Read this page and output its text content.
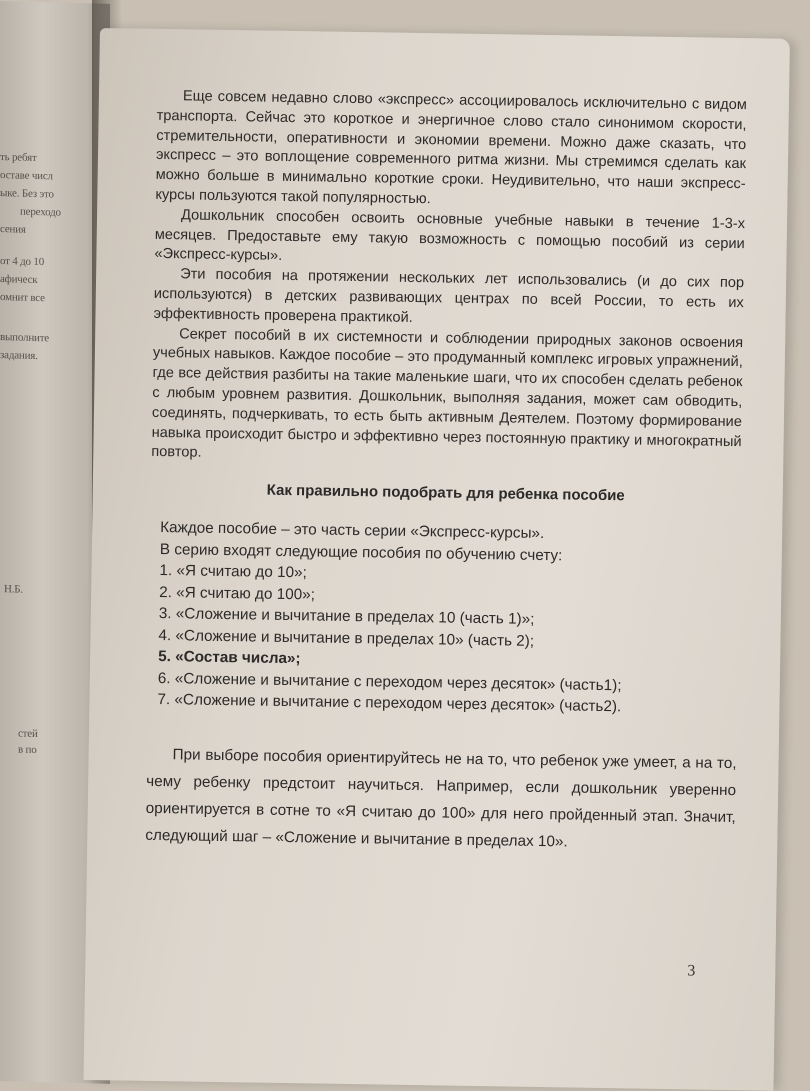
ть ребят
оставе числ
ыке. Без это
переходо
сения
от 4 до 10
афическ
омнит все
выполните
задания.
Н.Б.
стей
в по

Еще совсем недавно слово «экспресс» ассоциировалось исключительно с видом транспорта. Сейчас это короткое и энергичное слово стало синонимом скорости, стремительности, оперативности и экономии времени. Можно даже сказать, что экспресс – это воплощение современного ритма жизни. Мы стремимся сделать как можно больше в минимально короткие сроки. Неудивительно, что наши экспресс-курсы пользуются такой популярностью.

Дошкольник способен освоить основные учебные навыки в течение 1-3-х месяцев. Предоставьте ему такую возможность с помощью пособий из серии «Экспресс-курсы».

Эти пособия на протяжении нескольких лет использовались (и до сих пор используются) в детских развивающих центрах по всей России, то есть их эффективность проверена практикой.

Секрет пособий в их системности и соблюдении природных законов освоения учебных навыков. Каждое пособие – это продуманный комплекс игровых упражнений, где все действия разбиты на такие маленькие шаги, что их способен сделать ребенок с любым уровнем развития. Дошкольник, выполняя задания, может сам обводить, соединять, подчеркивать, то есть быть активным Деятелем. Поэтому формирование навыка происходит быстро и эффективно через постоянную практику и многократный повтор.

Как правильно подобрать для ребенка пособие
Каждое пособие – это часть серии «Экспресс-курсы».
В серию входят следующие пособия по обучению счету:
1. «Я считаю до 10»;
2. «Я считаю до 100»;
3. «Сложение и вычитание в пределах 10 (часть 1)»;
4. «Сложение и вычитание в пределах 10» (часть 2);
5. «Состав числа»;
6. «Сложение и вычитание с переходом через десяток» (часть1);
7. «Сложение и вычитание с переходом через десяток» (часть2).

При выборе пособия ориентируйтесь не на то, что ребенок уже умеет, а на то, чему ребенку предстоит научиться. Например, если дошкольник уверенно ориентируется в сотне то «Я считаю до 100» для него пройденный этап. Значит, следующий шаг – «Сложение и вычитание в пределах 10».

3
